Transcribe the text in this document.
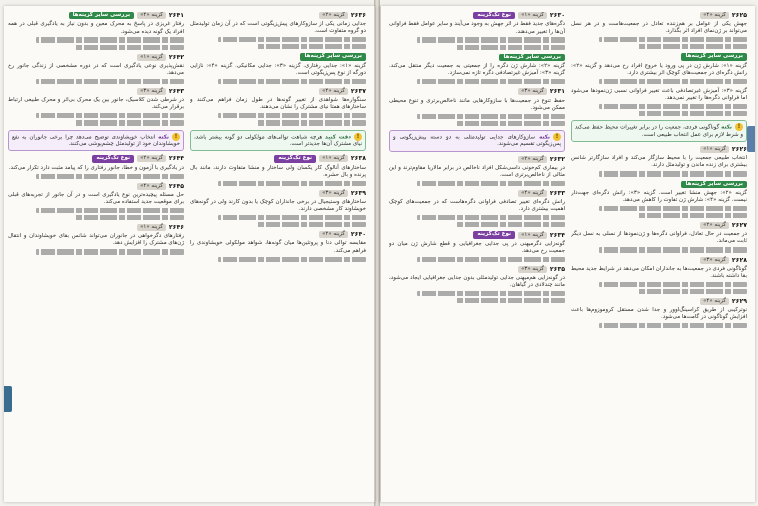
۲۶۳۶
گزینه «۲»
جدایی زمانی یکی از سازوکارهای پیش‌زیگوتی است که در آن زمان تولیدمثل دو گروه متفاوت است.
بررسی سایر گزینه‌ها
گزینه «۱»: جدایی رفتاری. گزینه «۳»: جدایی مکانیکی. گزینه «۴»: نازایی دورگه از نوع پس‌زیگوتی است.
۲۶۳۷
گزینه «۴»
سنگواره‌ها شواهدی از تغییر گونه‌ها در طول زمان فراهم می‌کنند و ساختارهای همتا نیای مشترک را نشان می‌دهند.
!دقت کنید هرچه شباهت توالی‌های مولکولی دو گونه بیشتر باشد، نیای مشترک آن‌ها جدیدتر است.
۲۶۳۸
گزینه «۱»
نوع تک‌گزینه
ساختارهای آنالوگ کار یکسان ولی ساختار و منشا متفاوت دارند، مانند بال پرنده و بال حشره.
۲۶۳۹
گزینه «۳»
ساختارهای وستیجیال در برخی جانداران کوچک یا بدون کارند ولی در گونه‌های خویشاوند کار مشخصی دارند.
۲۶۴۰
گزینه «۲»
مقایسه توالی دنا و پروتئین‌ها میان گونه‌ها، شواهد مولکولی خویشاوندی را فراهم می‌کند.
۲۶۴۱
گزینه «۴»
بررسی سایر گزینه‌ها
رفتار غریزی در پاسخ به محرک معین و بدون نیاز به یادگیری قبلی در همه افراد یک گونه دیده می‌شود.
۲۶۴۲
گزینه «۱»
نقش‌پذیری نوعی یادگیری است که در دوره مشخصی از زندگی جانور رخ می‌دهد.
۲۶۴۳
گزینه «۳»
در شرطی شدن کلاسیک، جانور بین یک محرک بی‌اثر و محرک طبیعی ارتباط برقرار می‌کند.
!نکته انتخاب خویشاوندی توضیح می‌دهد چرا برخی جانوران به نفع خویشاوندان خود از تولیدمثل چشم‌پوشی می‌کنند.
۲۶۴۴
گزینه «۲»
نوع تک‌گزینه
در یادگیری با آزمون و خطا، جانور رفتاری را که پیامد مثبت دارد تکرار می‌کند.
۲۶۴۵
گزینه «۴»
حل مسئله پیچیده‌ترین نوع یادگیری است و در آن جانور از تجربه‌های قبلی برای موقعیت جدید استفاده می‌کند.
۲۶۴۶
گزینه «۱»
رفتارهای دگرخواهی در جانوران می‌تواند شانس بقای خویشاوندان و انتقال ژن‌های مشترک را افزایش دهد.
۲۶۲۵
گزینه «۴»
جهش یکی از عوامل بر هم‌زننده تعادل در جمعیت‌هاست و در هر نسل می‌تواند بر ژن‌نمای افراد اثر بگذارد.
بررسی سایر گزینه‌ها
گزینه «۱»: شارش ژن در پی ورود یا خروج افراد رخ می‌دهد و گزینه «۲»: رانش دگره‌ای در جمعیت‌های کوچک اثر بیشتری دارد.
گزینه «۳»: آمیزش غیرتصادفی باعث تغییر فراوانی نسبی ژن‌نمودها می‌شود اما فراوانی دگره‌ها را تغییر نمی‌دهد.
!نکته گوناگونی فردی، جمعیت را در برابر تغییرات محیط حفظ می‌کند و شرط لازم برای عمل انتخاب طبیعی است.
۲۶۲۶
گزینه «۱»
انتخاب طبیعی جمعیت را با محیط سازگار می‌کند و افراد سازگارتر شانس بیشتری برای زنده ماندن و تولیدمثل دارند.
بررسی سایر گزینه‌ها
گزینه «۲»: جهش منشا تغییر است. گزینه «۳»: رانش دگره‌ای جهت‌دار نیست. گزینه «۴»: شارش ژن تفاوت را کاهش می‌دهد.
۲۶۲۷
گزینه «۲»
در جمعیت در حال تعادل، فراوانی دگره‌ها و ژن‌نمودها از نسلی به نسل دیگر ثابت می‌ماند.
۲۶۲۸
گزینه «۳»
گوناگونی فردی در جمعیت‌ها به جانداران امکان می‌دهد در شرایط جدید محیط بقا داشته باشند.
۲۶۲۹
گزینه «۴»
نوترکیبی از طریق کراسینگ‌اوور و جدا شدن مستقل کروموزوم‌ها باعث افزایش گوناگونی در گامت‌ها می‌شود.
۲۶۳۰
گزینه «۱»
نوع تک‌گزینه
دگره‌های جدید فقط در اثر جهش به وجود می‌آیند و سایر عوامل فقط فراوانی آن‌ها را تغییر می‌دهند.
بررسی سایر گزینه‌ها
گزینه «۲»: شارش ژن دگره را از جمعیتی به جمعیت دیگر منتقل می‌کند. گزینه «۳»: آمیزش غیرتصادفی دگره تازه نمی‌سازد.
۲۶۳۱
گزینه «۳»
حفظ تنوع در جمعیت‌ها با سازوکارهایی مانند ناخالص‌برتری و تنوع محیطی ممکن می‌شود.
!نکته سازوکارهای جدایی تولیدمثلی به دو دسته پیش‌زیگوتی و پس‌زیگوتی تقسیم می‌شوند.
۲۶۳۲
گزینه «۲»
در بیماری کم‌خونی داسی‌شکل افراد ناخالص در برابر مالاریا مقاوم‌ترند و این مثالی از ناخالص‌برتری است.
۲۶۳۳
گزینه «۴»
رانش دگره‌ای تغییر تصادفی فراوانی دگره‌هاست که در جمعیت‌های کوچک اهمیت بیشتری دارد.
۲۶۳۴
گزینه «۱»
نوع تک‌گزینه
گونه‌زایی دگرمیهنی در پی جدایی جغرافیایی و قطع شارش ژن میان دو جمعیت رخ می‌دهد.
۲۶۳۵
گزینه «۳»
در گونه‌زایی هم‌میهنی جدایی تولیدمثلی بدون جدایی جغرافیایی ایجاد می‌شود، مانند چندلادی در گیاهان.
